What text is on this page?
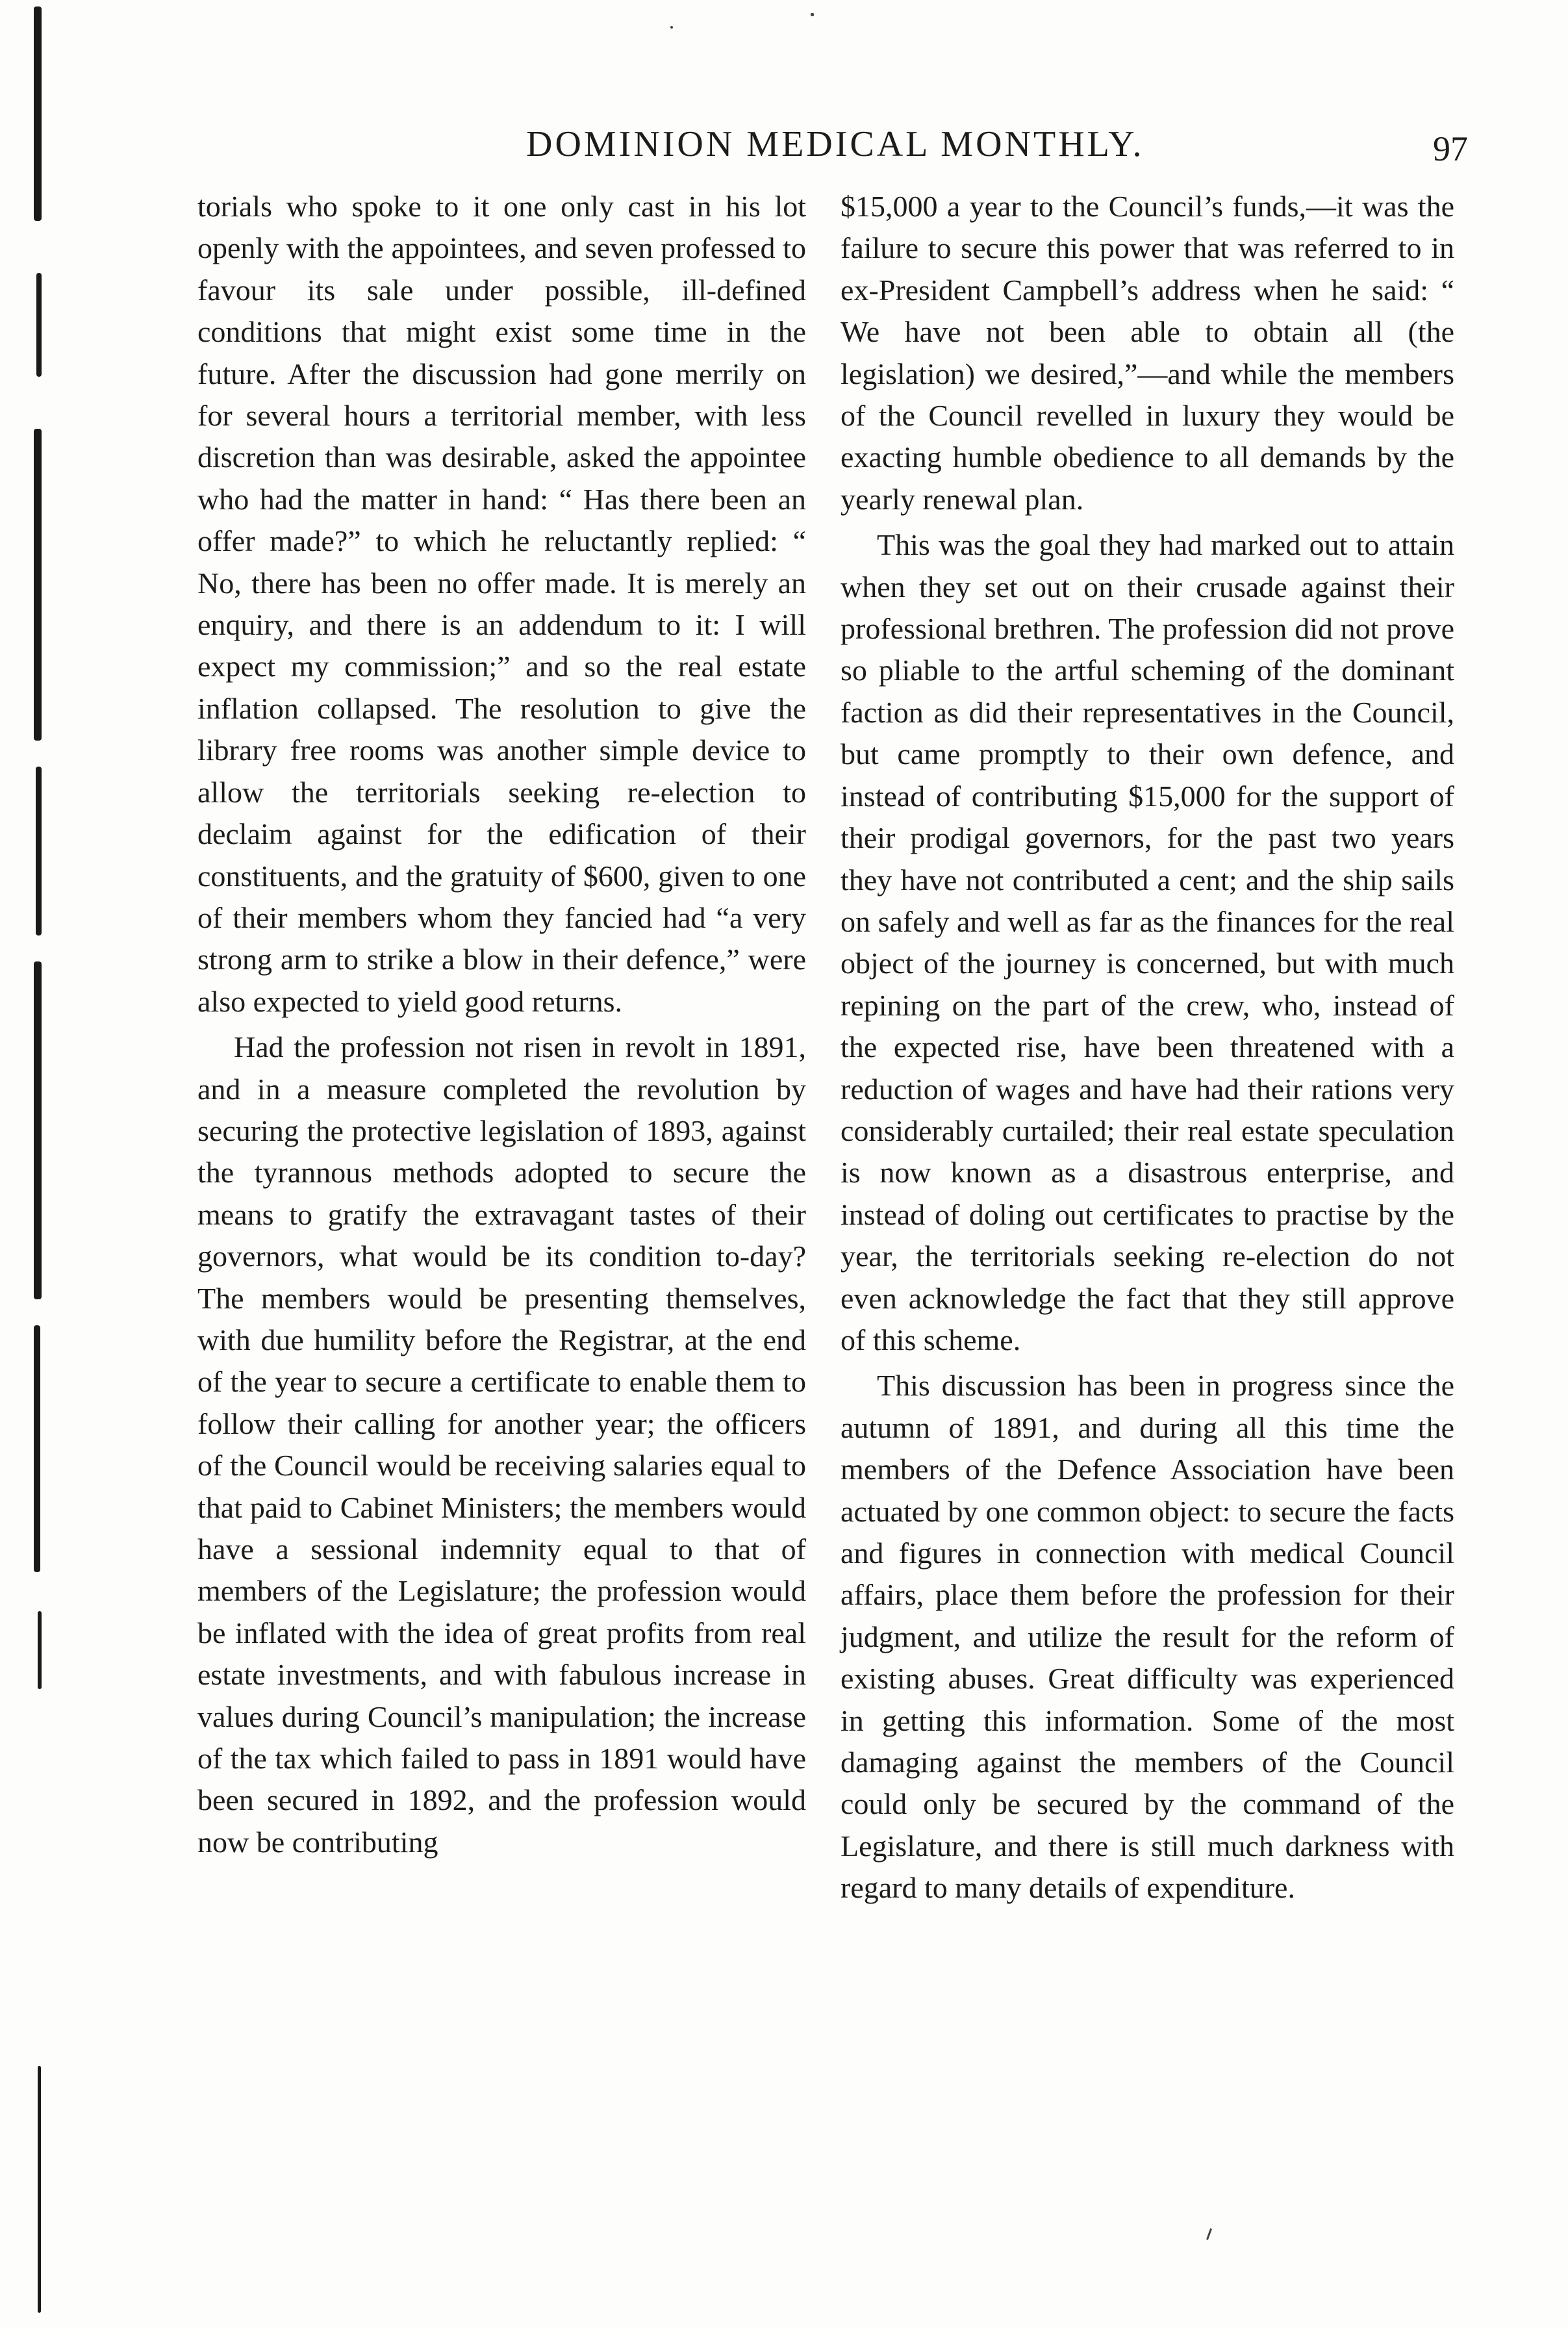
DOMINION MEDICAL MONTHLY.	97

torials who spoke to it one only cast in his lot openly with the appointees, and seven professed to favour its sale under possible, ill-defined conditions that might exist some time in the future. After the discussion had gone merrily on for several hours a territorial member, with less discretion than was desirable, asked the appointee who had the matter in hand: “ Has there been an offer made?” to which he reluctantly replied: “ No, there has been no offer made. It is merely an enquiry, and there is an addendum to it: I will expect my commission;” and so the real estate inflation collapsed. The resolution to give the library free rooms was another simple device to allow the territorials seeking re-election to declaim against for the edification of their constituents, and the gratuity of $600, given to one of their members whom they fancied had “a very strong arm to strike a blow in their defence,” were also expected to yield good returns.

Had the profession not risen in revolt in 1891, and in a measure completed the revolution by securing the protective legislation of 1893, against the tyrannous methods adopted to secure the means to gratify the extravagant tastes of their governors, what would be its condition to-day? The members would be presenting themselves, with due humility before the Registrar, at the end of the year to secure a certificate to enable them to follow their calling for another year; the officers of the Council would be receiving salaries equal to that paid to Cabinet Ministers; the members would have a sessional indemnity equal to that of members of the Legislature; the profession would be inflated with the idea of great profits from real estate investments, and with fabulous increase in values during Council’s manipulation; the increase of the tax which failed to pass in 1891 would have been secured in 1892, and the profession would now be contributing

$15,000 a year to the Council’s funds,—it was the failure to secure this power that was referred to in ex-President Campbell’s address when he said: “ We have not been able to obtain all (the legislation) we desired,”—and while the members of the Council revelled in luxury they would be exacting humble obedience to all demands by the yearly renewal plan.

This was the goal they had marked out to attain when they set out on their crusade against their professional brethren. The profession did not prove so pliable to the artful scheming of the dominant faction as did their representatives in the Council, but came promptly to their own defence, and instead of contributing $15,000 for the support of their prodigal governors, for the past two years they have not contributed a cent; and the ship sails on safely and well as far as the finances for the real object of the journey is concerned, but with much repining on the part of the crew, who, instead of the expected rise, have been threatened with a reduction of wages and have had their rations very considerably curtailed; their real estate speculation is now known as a disastrous enterprise, and instead of doling out certificates to practise by the year, the territorials seeking re-election do not even acknowledge the fact that they still approve of this scheme.

This discussion has been in progress since the autumn of 1891, and during all this time the members of the Defence Association have been actuated by one common object: to secure the facts and figures in connection with medical Council affairs, place them before the profession for their judgment, and utilize the result for the reform of existing abuses. Great difficulty was experienced in getting this information. Some of the most damaging against the members of the Council could only be secured by the command of the Legislature, and there is still much darkness with regard to many details of expenditure.
